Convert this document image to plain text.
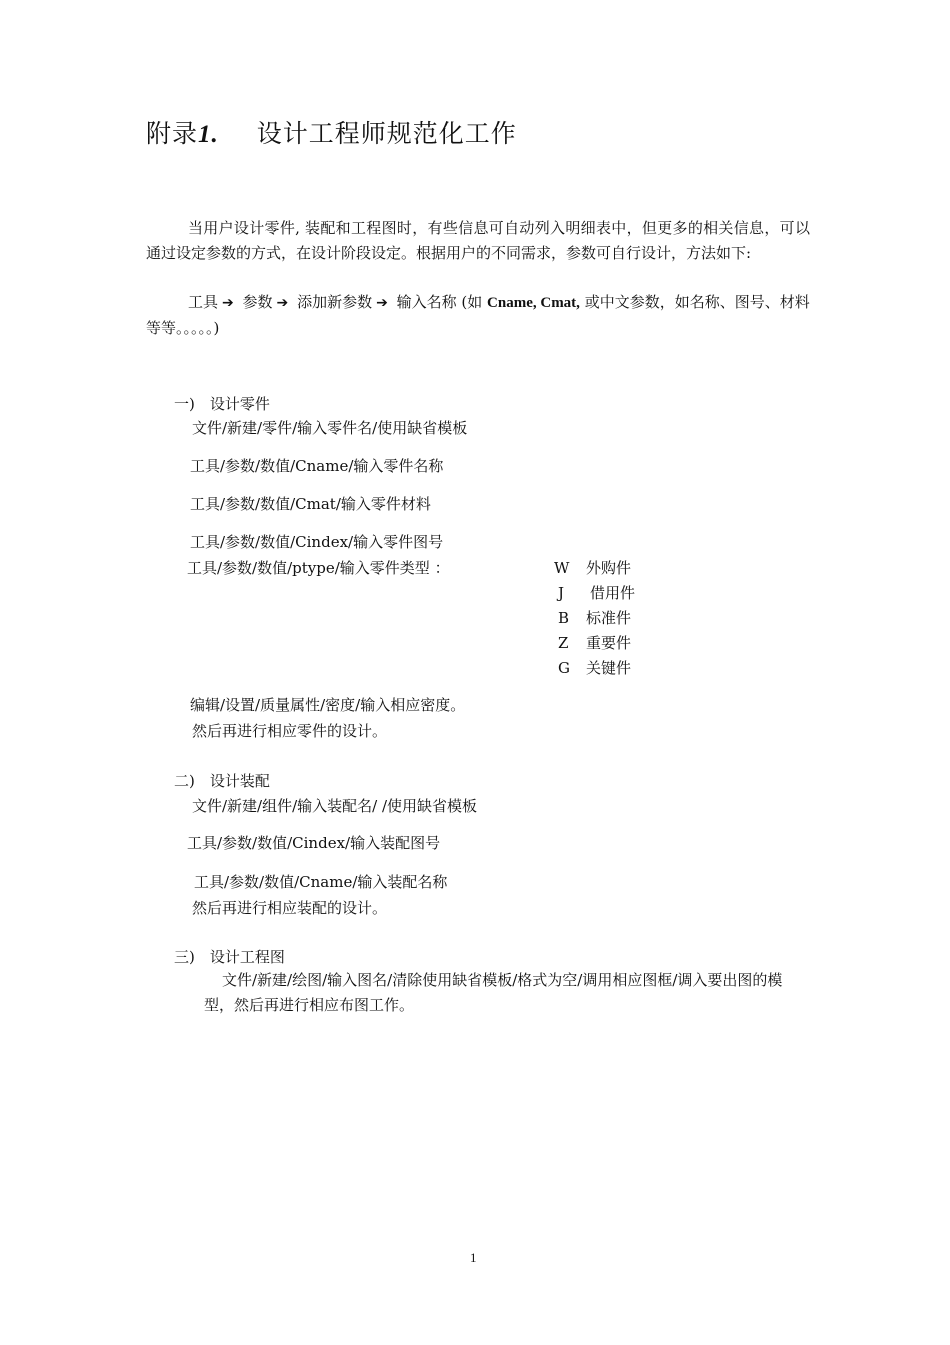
附录1. 设计工程师规范化工作
当用户设计零件, 装配和工程图时，有些信息可自动列入明细表中，但更多的相关信息，可以通过设定参数的方式，在设计阶段设定。根据用户的不同需求，参数可自行设计，方法如下:
工具 ➔ 参数 ➔ 添加新参数 ➔ 输入名称 (如 Cname, Cmat, 或中文参数，如名称、图号、材料等等。。。。。)
一)　设计零件
文件/新建/零件/输入零件名/使用缺省模板
工具/参数/数值/Cname/输入零件名称
工具/参数/数值/Cmat/输入零件材料
工具/参数/数值/Cindex/输入零件图号
工具/参数/数值/ptype/输入零件类型 ：	W 外购件
J 借用件
B 标准件
Z 重要件
G 关键件
编辑/设置/质量属性/密度/输入相应密度。
然后再进行相应零件的设计。
二)　设计装配
文件/新建/组件/输入装配名/ /使用缺省模板
工具/参数/数值/Cindex/输入装配图号
工具/参数/数值/Cname/输入装配名称
然后再进行相应装配的设计。
三)　设计工程图
文件/新建/绘图/输入图名/清除使用缺省模板/格式为空/调用相应图框/调入要出图的模型，然后再进行相应布图工作。
1
